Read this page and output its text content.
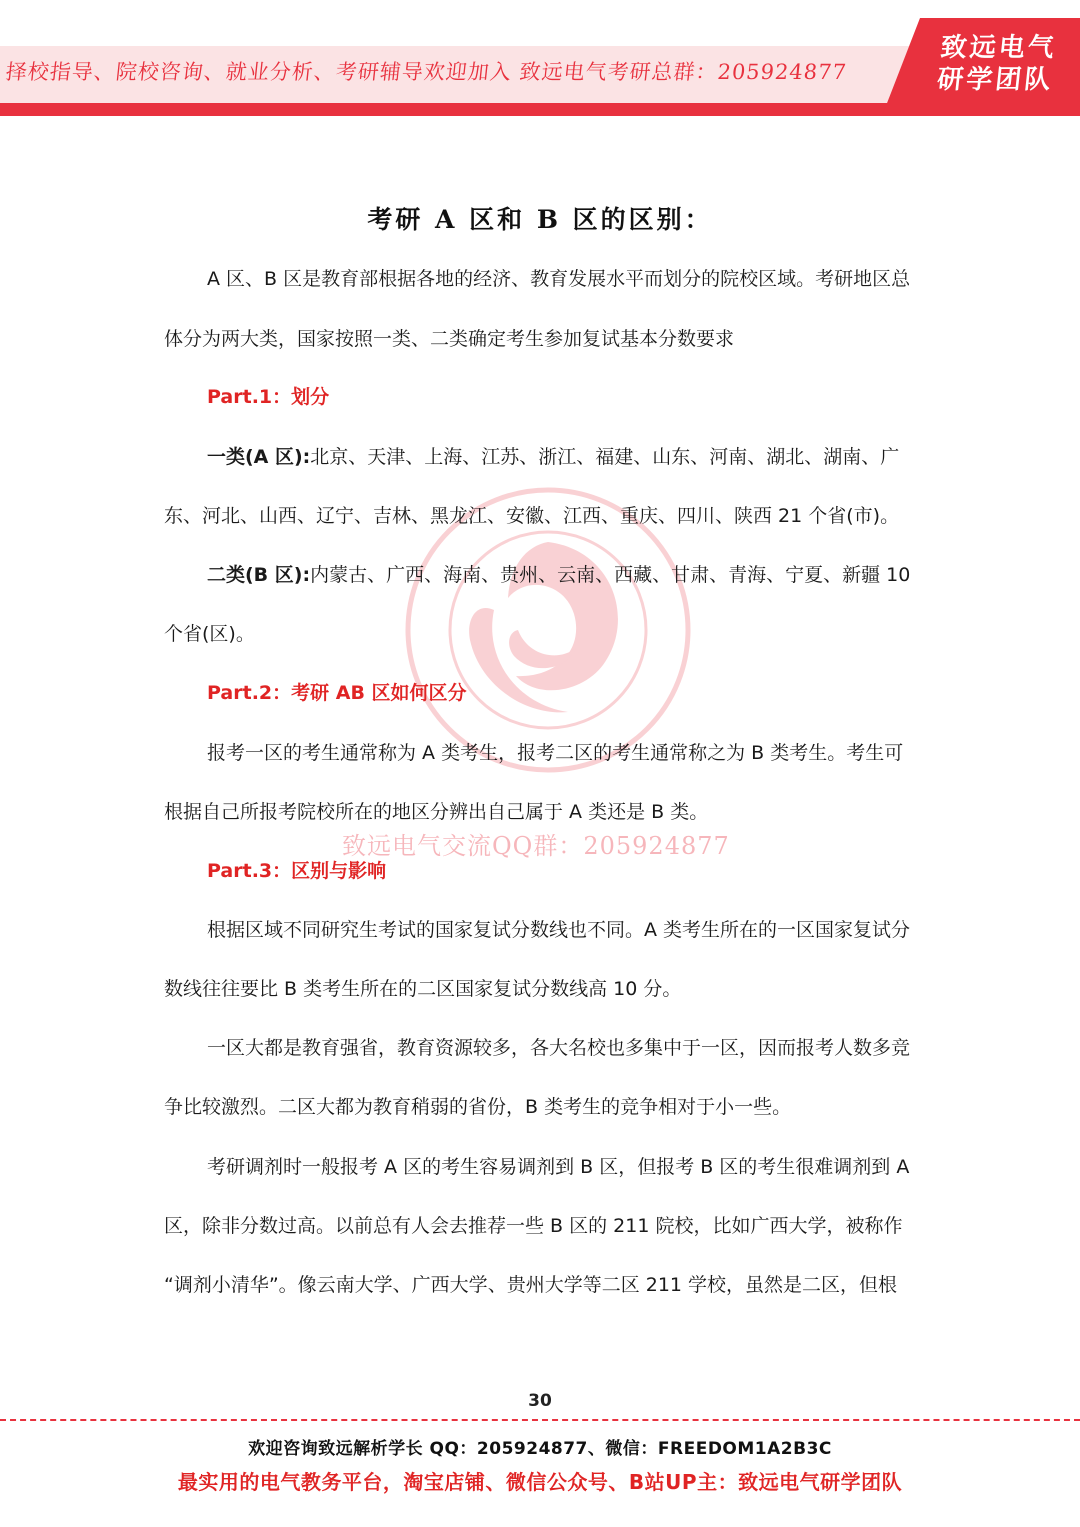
择校指导、院校咨询、就业分析、考研辅导欢迎加入 致远电气考研总群：205924877
致远电气
研学团队
致远电气交流QQ群：205924877
考研 A 区和 B 区的区别：
A 区、B 区是教育部根据各地的经济、教育发展水平而划分的院校区域。考研地区总
体分为两大类，国家按照一类、二类确定考生参加复试基本分数要求
Part.1：划分
一类(A 区):北京、天津、上海、江苏、浙江、福建、山东、河南、湖北、湖南、广
东、河北、山西、辽宁、吉林、黑龙江、安徽、江西、重庆、四川、陕西 21 个省(市)。
二类(B 区):内蒙古、广西、海南、贵州、云南、西藏、甘肃、青海、宁夏、新疆 10
个省(区)。
Part.2：考研 AB 区如何区分
报考一区的考生通常称为 A 类考生，报考二区的考生通常称之为 B 类考生。考生可
根据自己所报考院校所在的地区分辨出自己属于 A 类还是 B 类。
Part.3：区别与影响
根据区域不同研究生考试的国家复试分数线也不同。A 类考生所在的一区国家复试分
数线往往要比 B 类考生所在的二区国家复试分数线高 10 分。
一区大都是教育强省，教育资源较多，各大名校也多集中于一区，因而报考人数多竞
争比较激烈。二区大都为教育稍弱的省份，B 类考生的竞争相对于小一些。
考研调剂时一般报考 A 区的考生容易调剂到 B 区，但报考 B 区的考生很难调剂到 A
区，除非分数过高。以前总有人会去推荐一些 B 区的 211 院校，比如广西大学，被称作
“调剂小清华”。像云南大学、广西大学、贵州大学等二区 211 学校，虽然是二区，但根
30
欢迎咨询致远解析学长 QQ：205924877、微信：FREEDOM1A2B3C
最实用的电气教务平台，淘宝店铺、微信公众号、B站UP主：致远电气研学团队
